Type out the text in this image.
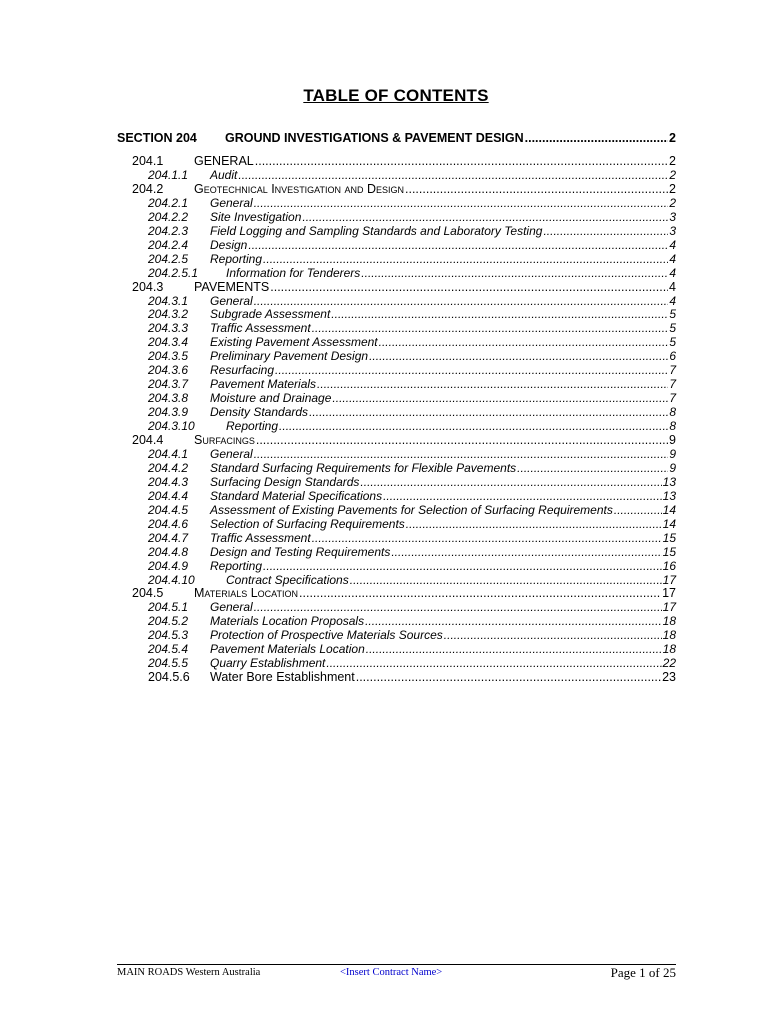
TABLE OF CONTENTS
SECTION 204	GROUND INVESTIGATIONS & PAVEMENT DESIGN .....	2
204.1	GENERAL .....	2
204.1.1	Audit .....	2
204.2	Geotechnical Investigation and Design .....	2
204.2.1	General .....	2
204.2.2	Site Investigation .....	3
204.2.3	Field Logging and Sampling Standards and Laboratory Testing .....	3
204.2.4	Design .....	4
204.2.5	Reporting .....	4
204.2.5.1	Information for Tenderers .....	4
204.3	PAVEMENTS .....	4
204.3.1	General .....	4
204.3.2	Subgrade Assessment .....	5
204.3.3	Traffic Assessment .....	5
204.3.4	Existing Pavement Assessment .....	5
204.3.5	Preliminary Pavement Design .....	6
204.3.6	Resurfacing .....	7
204.3.7	Pavement Materials .....	7
204.3.8	Moisture and Drainage .....	7
204.3.9	Density Standards .....	8
204.3.10	Reporting .....	8
204.4	Surfacings .....	9
204.4.1	General .....	9
204.4.2	Standard Surfacing Requirements for Flexible Pavements .....	9
204.4.3	Surfacing Design Standards .....	13
204.4.4	Standard Material Specifications .....	13
204.4.5	Assessment of Existing Pavements for Selection of Surfacing Requirements .....	14
204.4.6	Selection of Surfacing Requirements .....	14
204.4.7	Traffic Assessment .....	15
204.4.8	Design and Testing Requirements .....	15
204.4.9	Reporting .....	16
204.4.10	Contract Specifications .....	17
204.5	Materials Location .....	17
204.5.1	General .....	17
204.5.2	Materials Location Proposals .....	18
204.5.3	Protection of Prospective Materials Sources .....	18
204.5.4	Pavement Materials Location .....	18
204.5.5	Quarry Establishment .....	22
204.5.6	Water Bore Establishment .....	23
MAIN ROADS Western Australia	<Insert Contract Name>	Page 1 of 25
